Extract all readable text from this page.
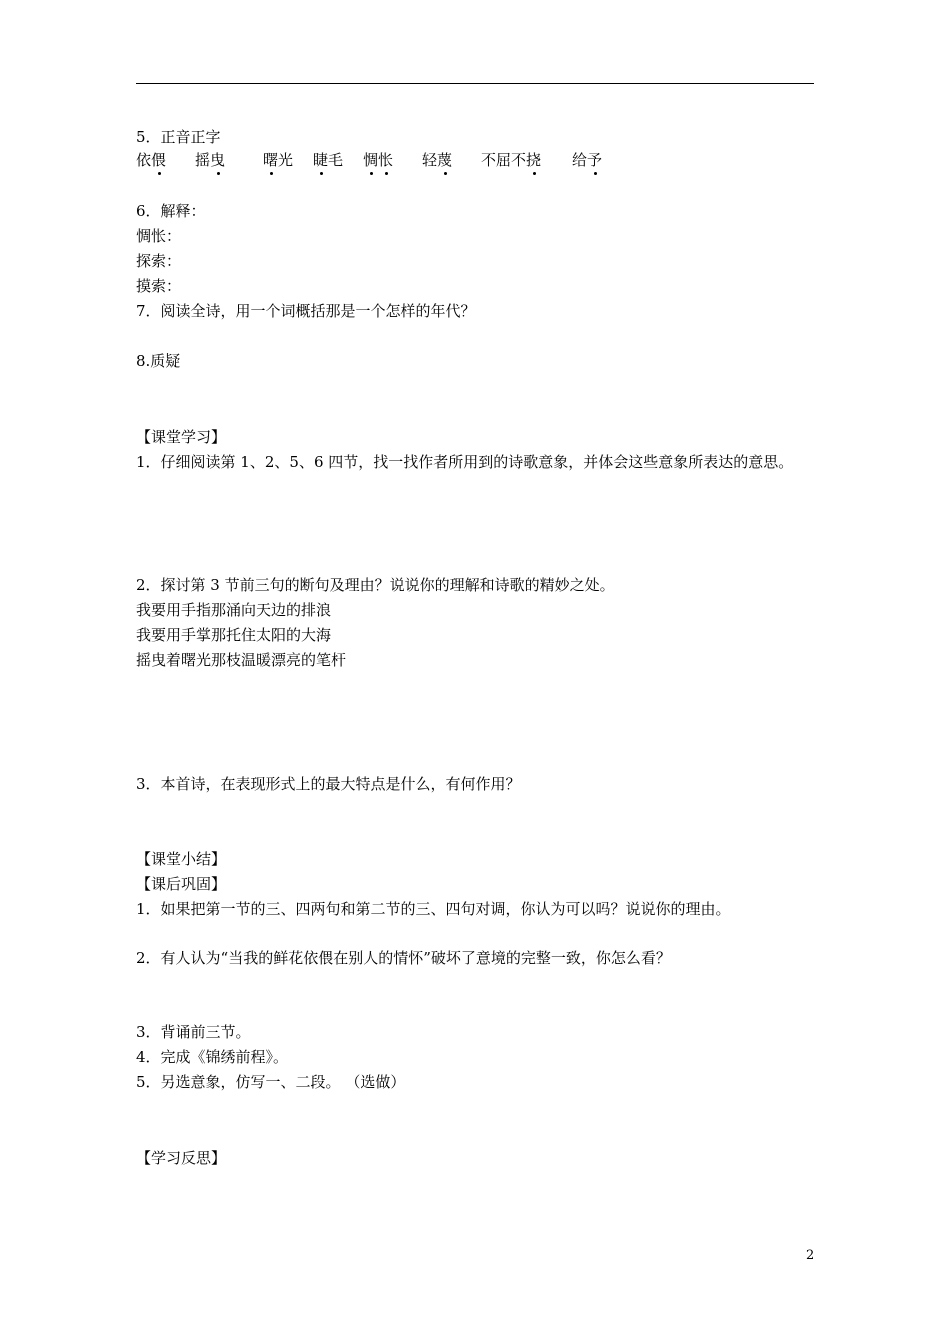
5．正音正字
依偎 摇曳	曙光 睫毛 惆怅 轻蔑 不屈不挠 给予
6．解释：
惆怅：
探索：
摸索：
7．阅读全诗，用一个词概括那是一个怎样的年代？
8.质疑
【课堂学习】
1．仔细阅读第 1、2、5、6 四节，找一找作者所用到的诗歌意象，并体会这些意象所表达的意思。
2．探讨第 3 节前三句的断句及理由？说说你的理解和诗歌的精妙之处。
我要用手指那涌向天边的排浪
我要用手掌那托住太阳的大海
摇曳着曙光那枝温暖漂亮的笔杆
3．本首诗，在表现形式上的最大特点是什么，有何作用？
【课堂小结】
【课后巩固】
1．如果把第一节的三、四两句和第二节的三、四句对调，你认为可以吗？说说你的理由。
2．有人认为“当我的鲜花依偎在别人的情怀”破坏了意境的完整一致，你怎么看？
3．背诵前三节。
4．完成《锦绣前程》。
5．另选意象，仿写一、二段。 （选做）
【学习反思】
2
